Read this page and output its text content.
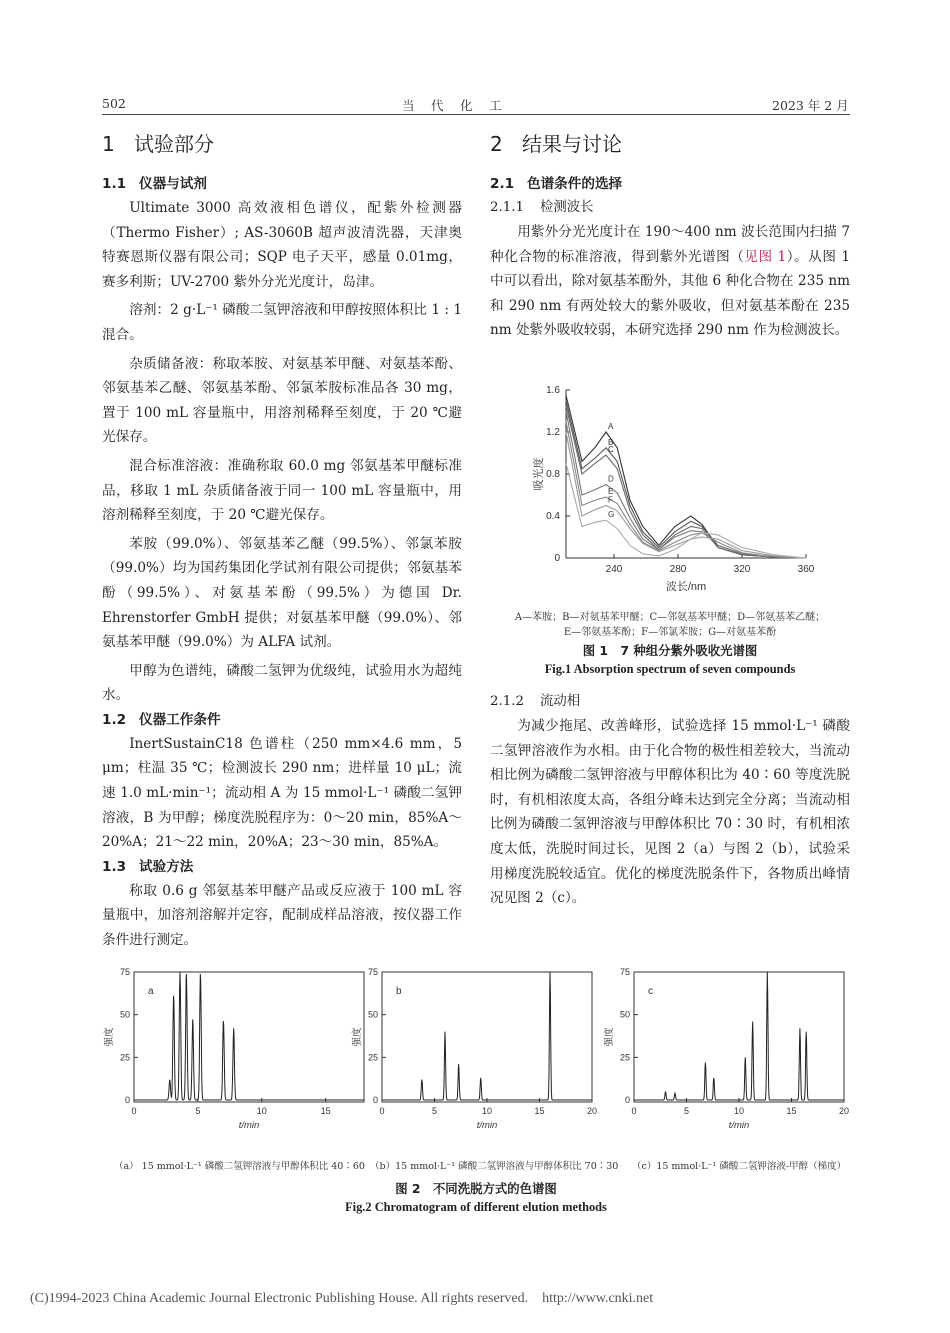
502	当　代　化　工	2023 年 2 月
1 试验部分
1.1 仪器与试剂

Ultimate 3000 高效液相色谱仪，配紫外检测器（Thermo Fisher）; AS-3060B 超声波清洗器，天津奥特赛恩斯仪器有限公司；SQP 电子天平，感量 0.01mg，赛多利斯；UV-2700 紫外分光光度计，岛津。

溶剂：2 g·L⁻¹ 磷酸二氢钾溶液和甲醇按照体积比 1 : 1 混合。

杂质储备液：称取苯胺、对氨基苯甲醚、对氨基苯酚、邻氨基苯乙醚、邻氨基苯酚、邻氯苯胺标准品各 30 mg，置于 100 mL 容量瓶中，用溶剂稀释至刻度，于 20 ℃避光保存。

混合标准溶液：准确称取 60.0 mg 邻氨基苯甲醚标准品，移取 1 mL 杂质储备液于同一 100 mL 容量瓶中，用溶剂稀释至刻度，于 20 ℃避光保存。

苯胺（99.0%）、邻氨基苯乙醚（99.5%）、邻氯苯胺（99.0%）均为国药集团化学试剂有限公司提供；邻氨基苯酚（99.5%）、对氨基苯酚（99.5%）为德国 Dr. Ehrenstorfer GmbH 提供；对氨基苯甲醚（99.0%）、邻氨基苯甲醚（99.0%）为 ALFA 试剂。

甲醇为色谱纯，磷酸二氢钾为优级纯，试验用水为超纯水。

1.2 仪器工作条件

InertSustainC18 色谱柱（250 mm×4.6 mm，5 μm；柱温 35 ℃；检测波长 290 nm；进样量 10 μL；流速 1.0 mL·min⁻¹；流动相 A 为 15 mmol·L⁻¹ 磷酸二氢钾溶液，B 为甲醇；梯度洗脱程序为：0～20 min，85%A～20%A；21～22 min，20%A；23～30 min，85%A。

1.3 试验方法

称取 0.6 g 邻氨基苯甲醚产品或反应液于 100 mL 容量瓶中，加溶剂溶解并定容，配制成样品溶液，按仪器工作条件进行测定。

2 结果与讨论
2.1 色谱条件的选择
2.1.1 检测波长

用紫外分光光度计在 190～400 nm 波长范围内扫描 7 种化合物的标准溶液，得到紫外光谱图（见图 1）。从图 1 中可以看出，除对氨基苯酚外，其他 6 种化合物在 235 nm 和 290 nm 有两处较大的紫外吸收，但对氨基苯酚在 235 nm 处紫外吸收较弱，本研究选择 290 nm 作为检测波长。

240	280	320	360
0
0.4
0.8
1.2
1.6
波长/nm
吸光度
A
B
C
D
E
F
G
A—苯胺；B—对氨基苯甲醚；C—邻氨基苯甲醚；D—邻氨基苯乙醚；
E—邻氨基苯酚；F—邻氯苯胺；G—对氨基苯酚
图 1　7 种组分紫外吸收光谱图
Fig.1 Absorption spectrum of seven compounds
2.1.2 流动相

为减少拖尾、改善峰形，试验选择 15 mmol·L⁻¹ 磷酸二氢钾溶液作为水相。由于化合物的极性相差较大，当流动相比例为磷酸二氢钾溶液与甲醇体积比为 40∶60 等度洗脱时，有机相浓度太高，各组分峰未达到完全分离；当流动相比例为磷酸二氢钾溶液与甲醇体积比 70∶30 时，有机相浓度太低，洗脱时间过长，见图 2（a）与图 2（b），试验采用梯度洗脱较适宜。优化的梯度洗脱条件下，各物质出峰情况见图 2（c）。

0	5	10	15
0
25
50
75
t/min
强度
a
0	5	10	15	20
0
25
50
75
t/min
强度
b
0	5	10	15	20
0
25
50
75
t/min
强度
c
（a） 15 mmol·L⁻¹ 磷酸二氢钾溶液与甲醇体积比 40∶60 （b）15 mmol·L⁻¹ 磷酸二氢钾溶液与甲醇体积比 70∶30 （c）15 mmol·L⁻¹ 磷酸二氢钾溶液-甲醇（梯度）
图 2　不同洗脱方式的色谱图
Fig.2 Chromatogram of different elution methods
(C)1994-2023 China Academic Journal Electronic Publishing House. All rights reserved.　http://www.cnki.net
